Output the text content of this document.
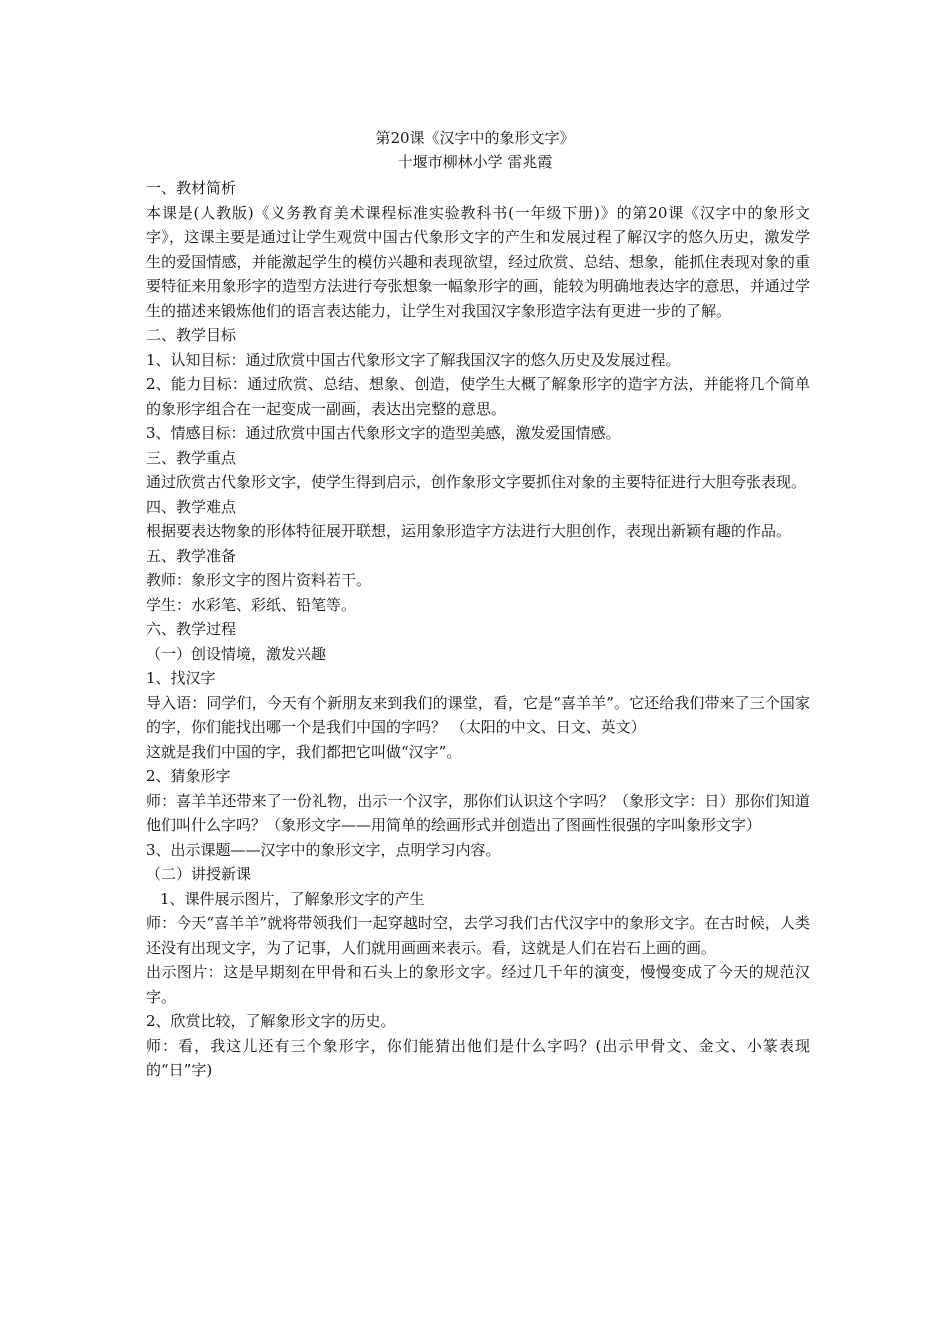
第20课《汉字中的象形文字》
十堰市柳林小学 雷兆霞

一、教材简析

本课是(人教版)《义务教育美术课程标准实验教科书(一年级下册)》的第20课《汉字中的象形文字》，这课主要是通过让学生观赏中国古代象形文字的产生和发展过程了解汉字的悠久历史，激发学生的爱国情感，并能激起学生的模仿兴趣和表现欲望，经过欣赏、总结、想象，能抓住表现对象的重要特征来用象形字的造型方法进行夸张想象一幅象形字的画，能较为明确地表达字的意思，并通过学生的描述来锻炼他们的语言表达能力，让学生对我国汉字象形造字法有更进一步的了解。

二、教学目标

1、认知目标：通过欣赏中国古代象形文字了解我国汉字的悠久历史及发展过程。

2、能力目标：通过欣赏、总结、想象、创造，使学生大概了解象形字的造字方法，并能将几个简单的象形字组合在一起变成一副画，表达出完整的意思。

3、情感目标：通过欣赏中国古代象形文字的造型美感，激发爱国情感。

三、教学重点

通过欣赏古代象形文字，使学生得到启示，创作象形文字要抓住对象的主要特征进行大胆夸张表现。

四、教学难点

根据要表达物象的形体特征展开联想，运用象形造字方法进行大胆创作，表现出新颖有趣的作品。

五、教学准备

教师：象形文字的图片资料若干。

学生：水彩笔、彩纸、铅笔等。

六、教学过程

（一）创设情境，激发兴趣

1、找汉字

导入语：同学们，今天有个新朋友来到我们的课堂，看，它是“喜羊羊”。它还给我们带来了三个国家的字，你们能找出哪一个是我们中国的字吗？ （太阳的中文、日文、英文）

这就是我们中国的字，我们都把它叫做“汉字”。

2、猜象形字

师：喜羊羊还带来了一份礼物，出示一个汉字，那你们认识这个字吗？（象形文字：日）那你们知道他们叫什么字吗？（象形文字——用简单的绘画形式并创造出了图画性很强的字叫象形文字）

3、出示课题——汉字中的象形文字，点明学习内容。

（二）讲授新课

1、课件展示图片，了解象形文字的产生

师：今天“喜羊羊”就将带领我们一起穿越时空，去学习我们古代汉字中的象形文字。在古时候，人类还没有出现文字，为了记事，人们就用画画来表示。看，这就是人们在岩石上画的画。

出示图片：这是早期刻在甲骨和石头上的象形文字。经过几千年的演变，慢慢变成了今天的规范汉字。

2、欣赏比较，了解象形文字的历史。

师：看，我这儿还有三个象形字，你们能猜出他们是什么字吗？(出示甲骨文、金文、小篆表现的“日”字)
